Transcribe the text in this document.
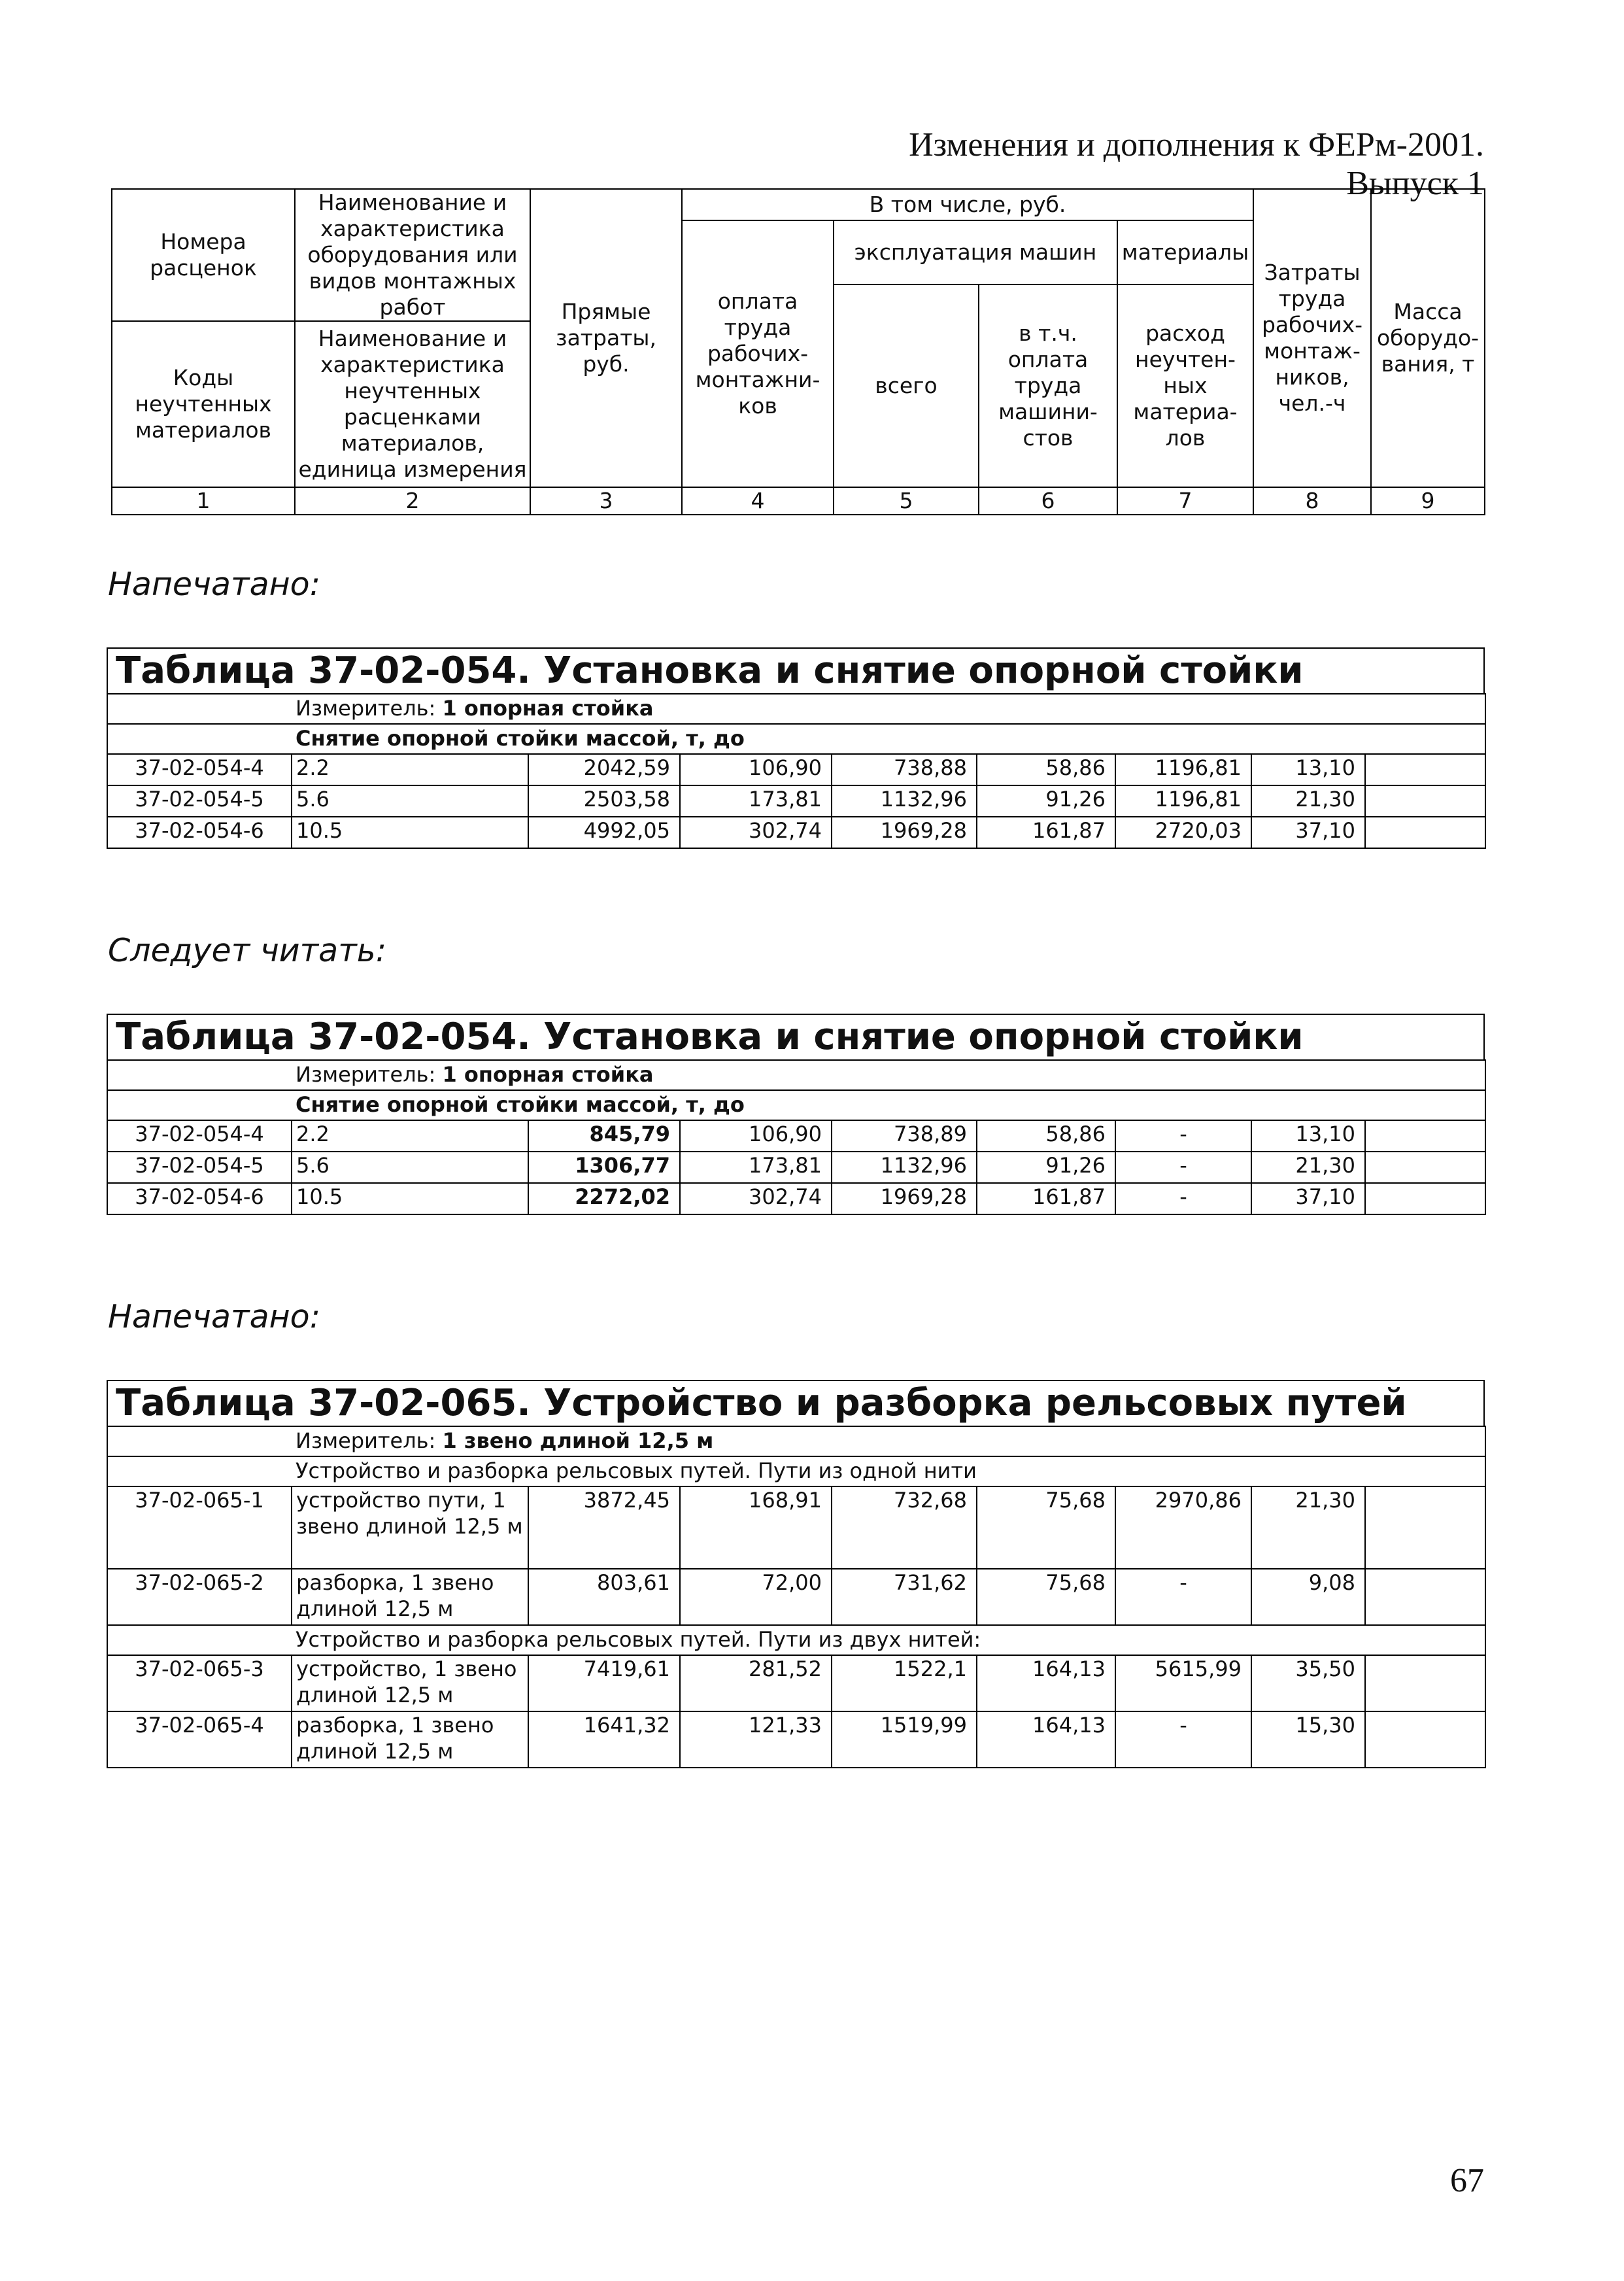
Изменения и дополнения к ФЕРм-2001. Выпуск 1
Номера расценок	Наименование и характеристика оборудования или видов монтажных работ	Прямые затраты, руб.	В том числе, руб.				Затраты труда рабочих-монтаж-ников, чел.-ч	Масса оборудо-вания, т
			оплата труда рабочих-монтажни-ков	эксплуатация машин		материалы		
				всего	в т.ч. оплата труда машини-стов	расход неучтен-ных материа-лов		
Коды неучтенных материалов	Наименование и характеристика неучтенных расценками материалов, единица измерения							

1	2	3	4	5	6	7	8	9
Напечатано:
Таблица 37-02-054. Установка и снятие опорной стойки
	Измеритель: 1 опорная стойка							
	Снятие опорной стойки массой, т, до							
37-02-054-4	2.2	2042,59	106,90	738,88	58,86	1196,81	13,10	
37-02-054-5	5.6	2503,58	173,81	1132,96	91,26	1196,81	21,30	
37-02-054-6	10.5	4992,05	302,74	1969,28	161,87	2720,03	37,10	
Следует читать:
Таблица 37-02-054. Установка и снятие опорной стойки
	Измеритель: 1 опорная стойка							
	Снятие опорной стойки массой, т, до							
37-02-054-4	2.2	845,79	106,90	738,89	58,86	-	13,10	
37-02-054-5	5.6	1306,77	173,81	1132,96	91,26	-	21,30	
37-02-054-6	10.5	2272,02	302,74	1969,28	161,87	-	37,10	
Напечатано:
Таблица 37-02-065. Устройство и разборка рельсовых путей
	Измеритель: 1 звено длиной 12,5 м							
	Устройство и разборка рельсовых путей. Пути из одной нити							
37-02-065-1	устройство пути, 1 звено длиной 12,5 м	3872,45	168,91	732,68	75,68	2970,86	21,30	
37-02-065-2	разборка, 1 звено длиной 12,5 м	803,61	72,00	731,62	75,68	-	9,08	
	Устройство и разборка рельсовых путей. Пути из двух нитей:							
37-02-065-3	устройство, 1 звено длиной 12,5 м	7419,61	281,52	1522,1	164,13	5615,99	35,50	
37-02-065-4	разборка, 1 звено длиной 12,5 м	1641,32	121,33	1519,99	164,13	-	15,30	
67
